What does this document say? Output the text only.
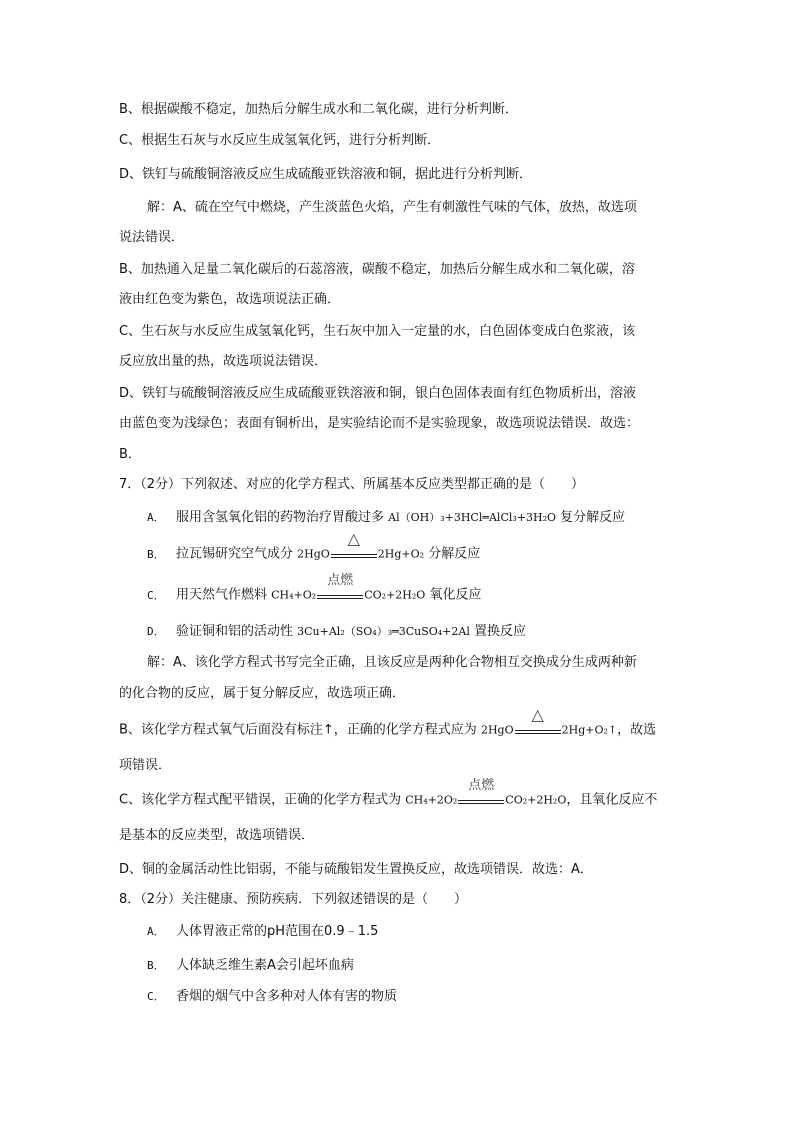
B、根据碳酸不稳定，加热后分解生成水和二氧化碳，进行分析判断．
C、根据生石灰与水反应生成氢氧化钙，进行分析判断．
D、铁钉与硫酸铜溶液反应生成硫酸亚铁溶液和铜，据此进行分析判断．
解：A、硫在空气中燃烧，产生淡蓝色火焰，产生有刺激性气味的气体，放热，故选项
说法错误．
B、加热通入足量二氧化碳后的石蕊溶液，碳酸不稳定，加热后分解生成水和二氧化碳，溶
液由红色变为紫色，故选项说法正确．
C、生石灰与水反应生成氢氧化钙，生石灰中加入一定量的水，白色固体变成白色浆液，该
反应放出量的热，故选项说法错误．
D、铁钉与硫酸铜溶液反应生成硫酸亚铁溶液和铜，银白色固体表面有红色物质析出，溶液
由蓝色变为浅绿色；表面有铜析出，是实验结论而不是实验现象，故选项说法错误．故选：
B．
7．（2分）下列叙述、对应的化学方程式、所属基本反应类型都正确的是（　　）
A． 服用含氢氧化铝的药物治疗胃酸过多 Al（OH）₃+3HCl═AlCl₃+3H₂O 复分解反应
B． 拉瓦锡研究空气成分 2HgO
△
2Hg+O₂ 分解反应
C． 用天然气作燃料 CH₄+O₂
点燃
CO₂+2H₂O 氧化反应
D． 验证铜和铝的活动性 3Cu+Al₂（SO₄）₃═3CuSO₄+2Al 置换反应
解：A、该化学方程式书写完全正确，且该反应是两种化合物相互交换成分生成两种新
的化合物的反应，属于复分解反应，故选项正确．
B、该化学方程式氧气后面没有标注↑，正确的化学方程式应为 2HgO
△
2Hg+O₂↑，故选
项错误．
C、该化学方程式配平错误，正确的化学方程式为 CH₄+2O₂
点燃
CO₂+2H₂O，且氧化反应不
是基本的反应类型，故选项错误．
D、铜的金属活动性比铝弱，不能与硫酸铝发生置换反应，故选项错误．故选：A．
8．（2分）关注健康、预防疾病．下列叙述错误的是（　　）
A． 人体胃液正常的pH范围在0.9﹣1.5
B． 人体缺乏维生素A会引起坏血病
C． 香烟的烟气中含多种对人体有害的物质
